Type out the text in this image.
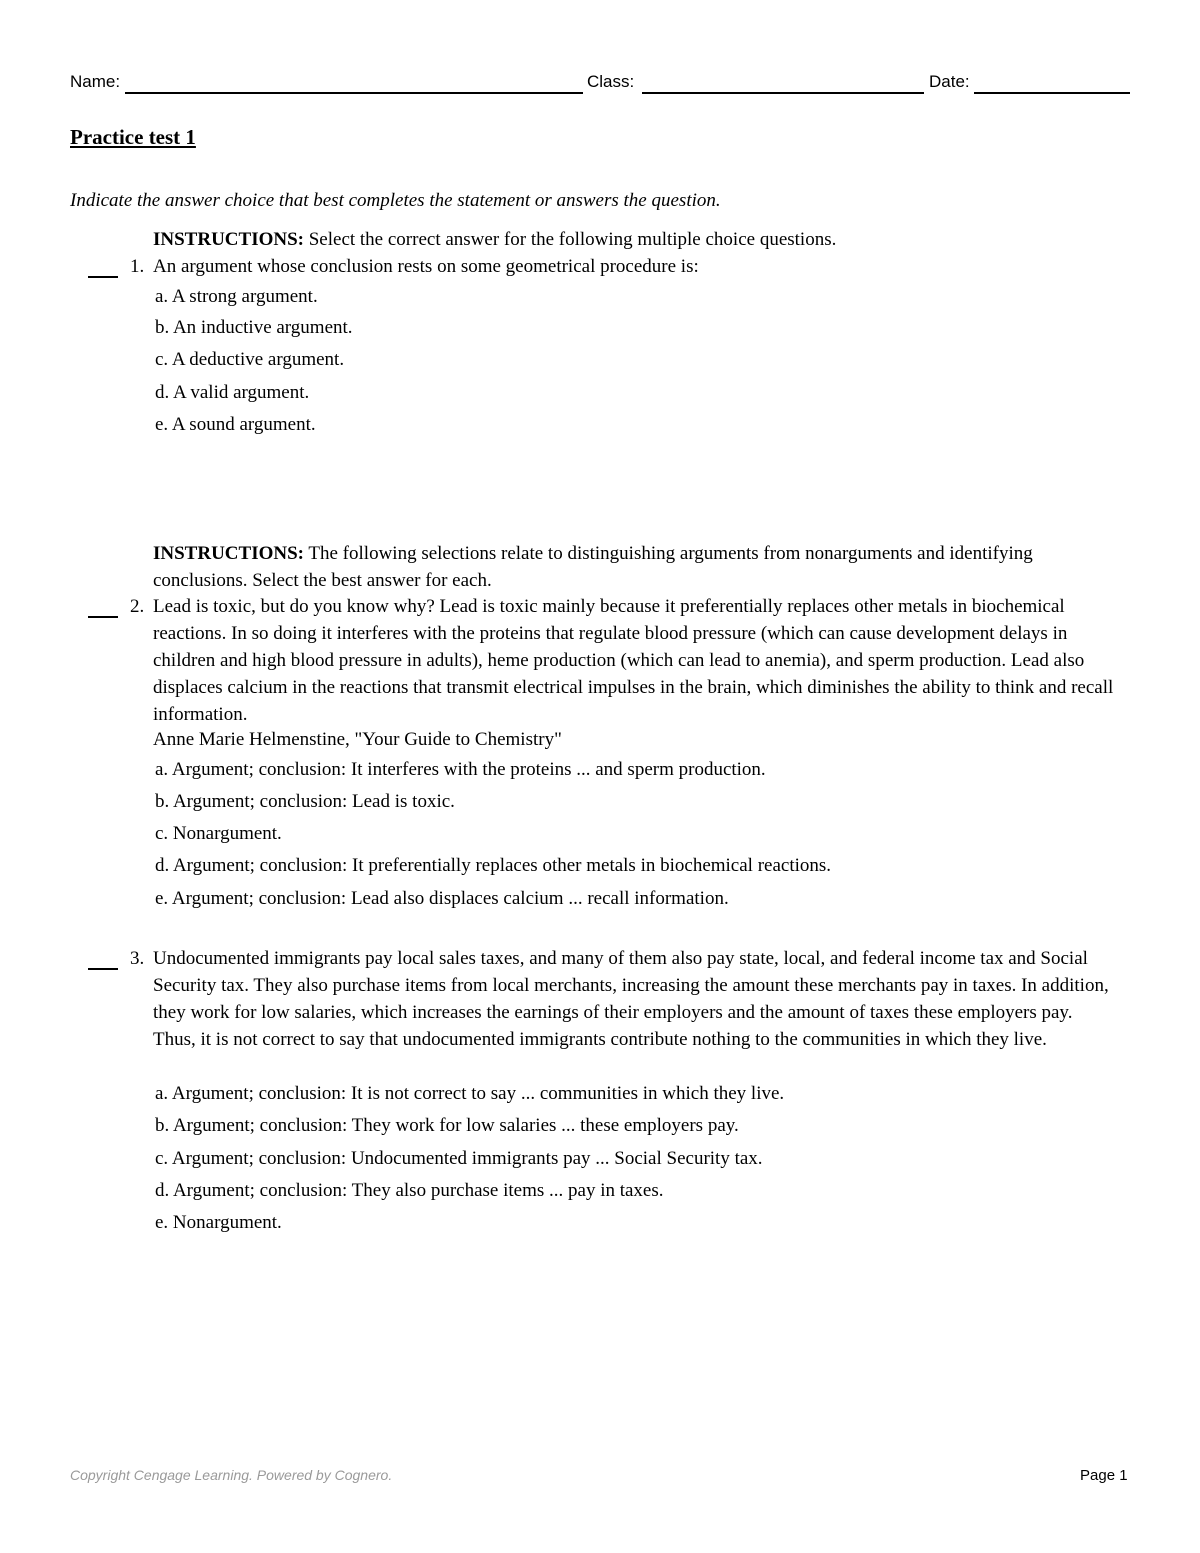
Name:	Class:	Date:
Practice test 1
Indicate the answer choice that best completes the statement or answers the question.
INSTRUCTIONS: Select the correct answer for the following multiple choice questions.
1. An argument whose conclusion rests on some geometrical procedure is:
a. A strong argument.
b. An inductive argument.
c. A deductive argument.
d. A valid argument.
e. A sound argument.
INSTRUCTIONS: The following selections relate to distinguishing arguments from nonarguments and identifying conclusions. Select the best answer for each.
2. Lead is toxic, but do you know why? Lead is toxic mainly because it preferentially replaces other metals in biochemical reactions. In so doing it interferes with the proteins that regulate blood pressure (which can cause development delays in children and high blood pressure in adults), heme production (which can lead to anemia), and sperm production. Lead also displaces calcium in the reactions that transmit electrical impulses in the brain, which diminishes the ability to think and recall information.
Anne Marie Helmenstine, "Your Guide to Chemistry"
a. Argument; conclusion: It interferes with the proteins ... and sperm production.
b. Argument; conclusion: Lead is toxic.
c. Nonargument.
d. Argument; conclusion: It preferentially replaces other metals in biochemical reactions.
e. Argument; conclusion: Lead also displaces calcium ... recall information.
3. Undocumented immigrants pay local sales taxes, and many of them also pay state, local, and federal income tax and Social Security tax. They also purchase items from local merchants, increasing the amount these merchants pay in taxes. In addition, they work for low salaries, which increases the earnings of their employers and the amount of taxes these employers pay. Thus, it is not correct to say that undocumented immigrants contribute nothing to the communities in which they live.
a. Argument; conclusion: It is not correct to say ... communities in which they live.
b. Argument; conclusion: They work for low salaries ... these employers pay.
c. Argument; conclusion: Undocumented immigrants pay ... Social Security tax.
d. Argument; conclusion: They also purchase items ... pay in taxes.
e. Nonargument.
Copyright Cengage Learning. Powered by Cognero.	Page 1
